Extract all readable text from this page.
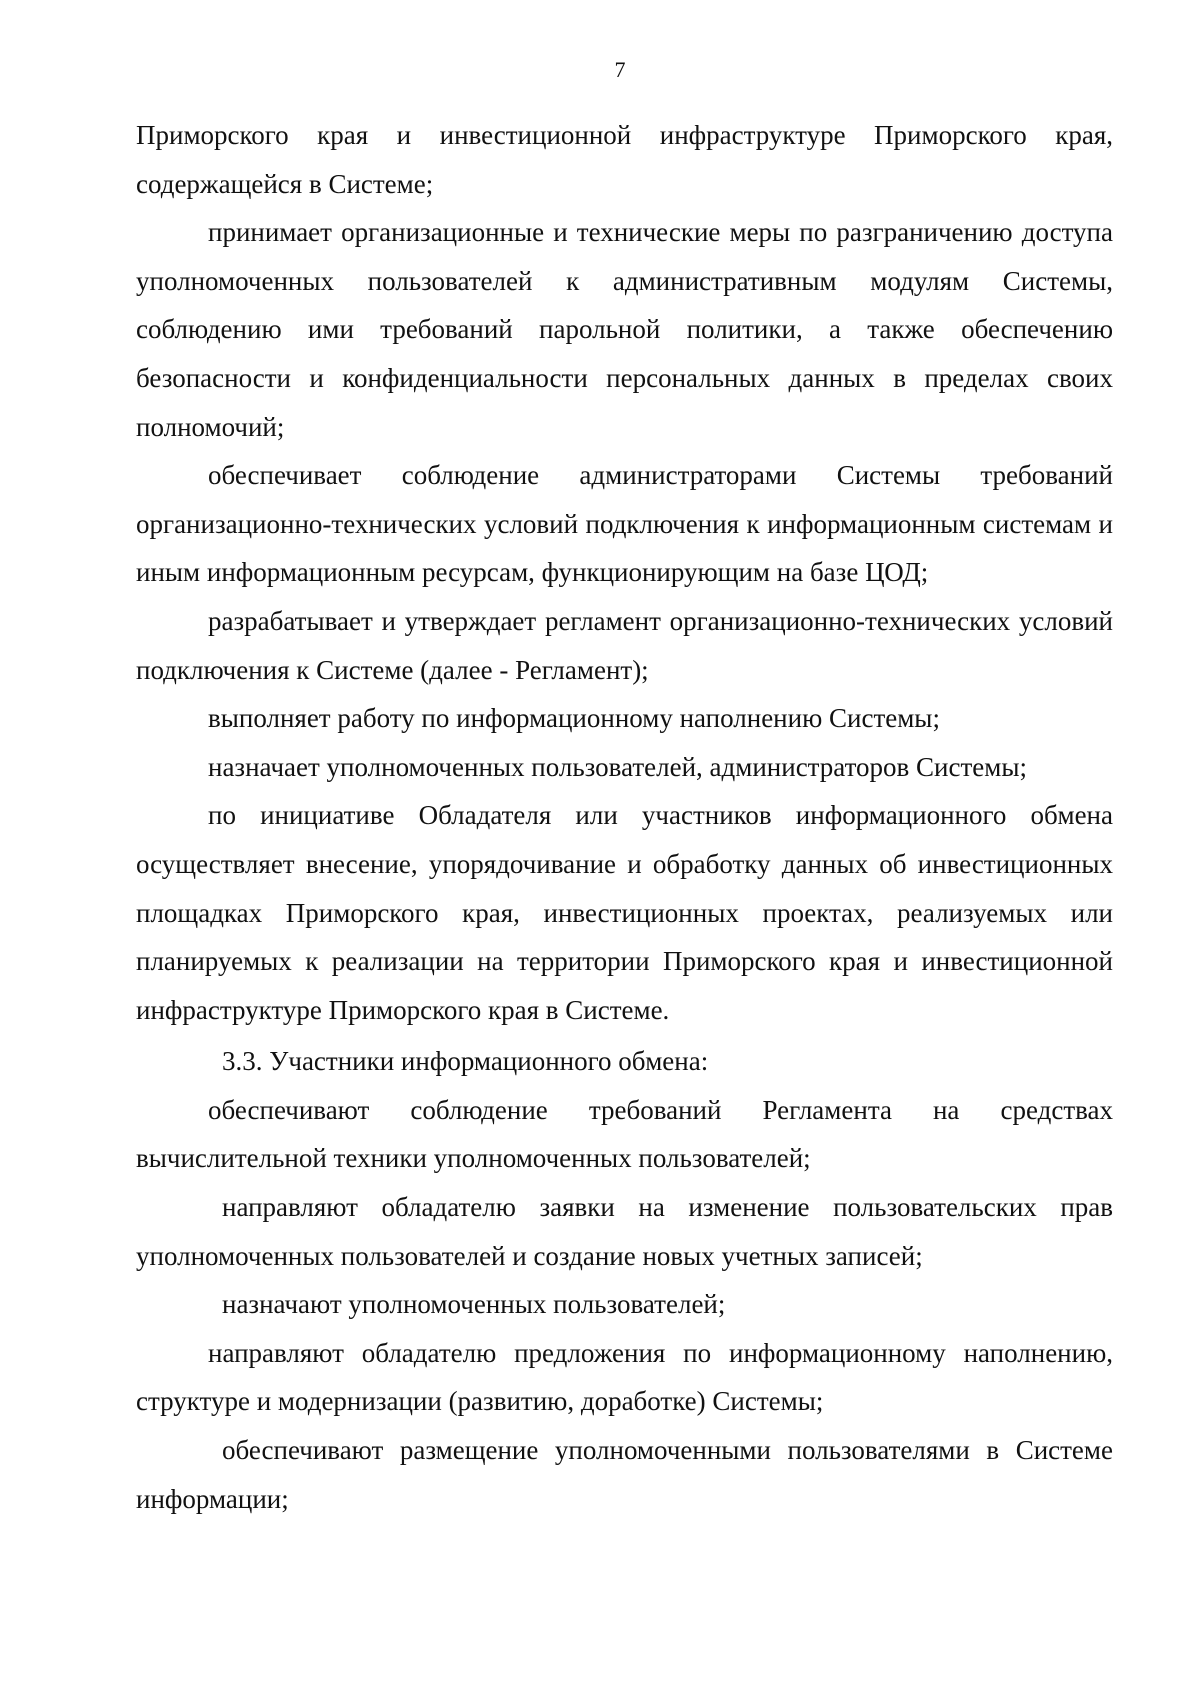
7

Приморского края и инвестиционной инфраструктуре Приморского края, содержащейся в Системе;

принимает организационные и технические меры по разграничению доступа уполномоченных пользователей к административным модулям Системы, соблюдению ими требований парольной политики, а также обеспечению безопасности и конфиденциальности персональных данных в пределах своих полномочий;

обеспечивает соблюдение администраторами Системы требований организационно-технических условий подключения к информационным системам и иным информационным ресурсам, функционирующим на базе ЦОД;

разрабатывает и утверждает регламент организационно-технических условий подключения к Системе (далее - Регламент);

выполняет работу по информационному наполнению Системы;

назначает уполномоченных пользователей, администраторов Системы;

по инициативе Обладателя или участников информационного обмена осуществляет внесение, упорядочивание и обработку данных об инвестиционных площадках Приморского края, инвестиционных проектах, реализуемых или планируемых к реализации на территории Приморского края и инвестиционной инфраструктуре Приморского края в Системе.

3.3. Участники информационного обмена:

обеспечивают соблюдение требований Регламента на средствах вычислительной техники уполномоченных пользователей;

направляют обладателю заявки на изменение пользовательских прав уполномоченных пользователей и создание новых учетных записей;

назначают уполномоченных пользователей;

направляют обладателю предложения по информационному наполнению, структуре и модернизации (развитию, доработке) Системы;

обеспечивают размещение уполномоченными пользователями в Системе информации;
